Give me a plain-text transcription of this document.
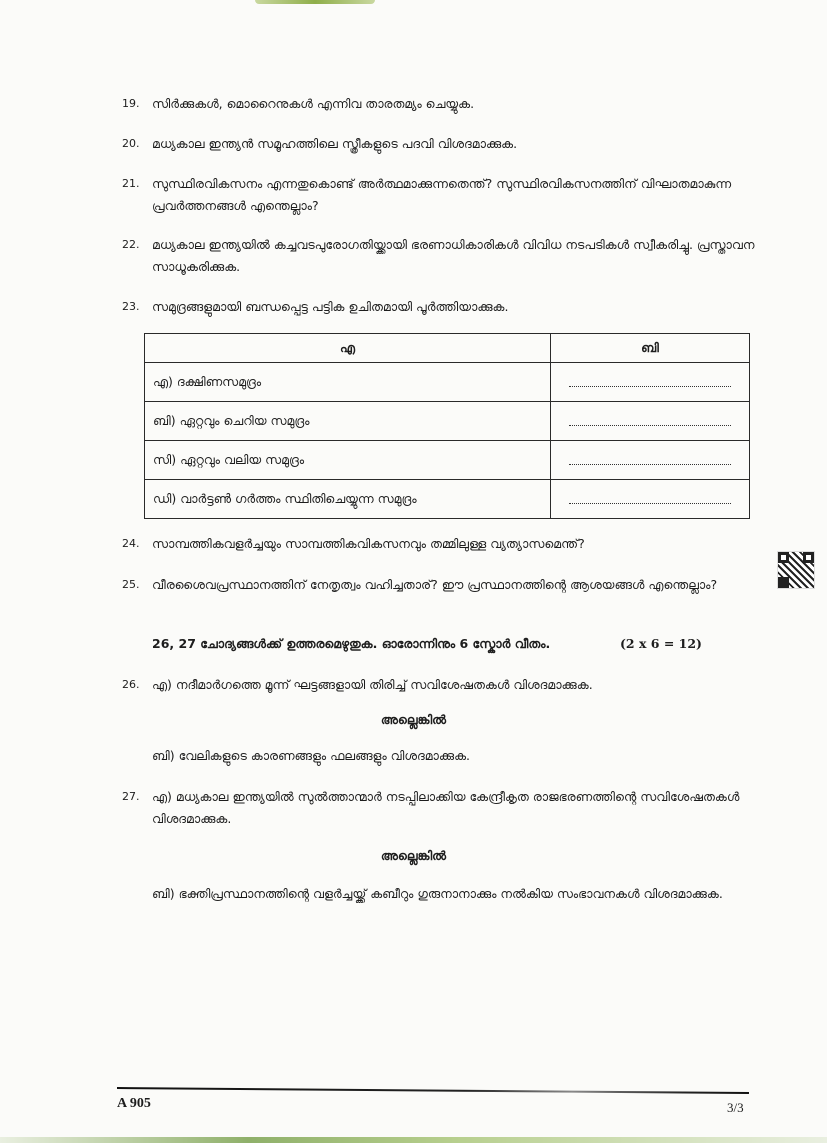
19. സിർക്കുകൾ, മൊറൈനുകൾ എന്നിവ താരതമ്യം ചെയ്യുക.
20. മധ്യകാല ഇന്ത്യൻ സമൂഹത്തിലെ സ്ത്രീകളുടെ പദവി വിശദമാക്കുക.
21. സുസ്ഥിരവികസനം എന്നതുകൊണ്ട് അർത്ഥമാക്കുന്നതെന്ത്? സുസ്ഥിരവികസനത്തിന് വിഘാതമാകുന്ന പ്രവർത്തനങ്ങൾ എന്തെല്ലാം?
22. മധ്യകാല ഇന്ത്യയിൽ കച്ചവടപുരോഗതിയ്ക്കായി ഭരണാധികാരികൾ വിവിധ നടപടികൾ സ്വീകരിച്ചു. പ്രസ്താവന സാധൂകരിക്കുക.
23. സമുദ്രങ്ങളുമായി ബന്ധപ്പെട്ട പട്ടിക ഉചിതമായി പൂർത്തിയാക്കുക.
എ	ബി
എ) ദക്ഷിണസമുദ്രം	
ബി) ഏറ്റവും ചെറിയ സമുദ്രം	
സി) ഏറ്റവും വലിയ സമുദ്രം	
ഡി) വാർട്ടൺ ഗർത്തം സ്ഥിതിചെയ്യുന്ന സമുദ്രം	
24. സാമ്പത്തികവളർച്ചയും സാമ്പത്തികവികസനവും തമ്മിലുള്ള വ്യത്യാസമെന്ത്?
25. വീരശൈവപ്രസ്ഥാനത്തിന് നേതൃത്വം വഹിച്ചതാര്? ഈ പ്രസ്ഥാനത്തിന്റെ ആശയങ്ങൾ എന്തെല്ലാം?
26, 27 ചോദ്യങ്ങൾക്ക് ഉത്തരമെഴുതുക. ഓരോന്നിനും 6 സ്കോർ വീതം.	(2 x 6 = 12)
26. എ) നദീമാർഗത്തെ മൂന്ന് ഘട്ടങ്ങളായി തിരിച്ച് സവിശേഷതകൾ വിശദമാക്കുക.
അല്ലെങ്കിൽ
ബി) വേലികളുടെ കാരണങ്ങളും ഫലങ്ങളും വിശദമാക്കുക.
27. എ) മധ്യകാല ഇന്ത്യയിൽ സുൽത്താന്മാർ നടപ്പിലാക്കിയ കേന്ദ്രീകൃത രാജഭരണത്തിന്റെ സവിശേഷതകൾ വിശദമാക്കുക.
അല്ലെങ്കിൽ
ബി) ഭക്തിപ്രസ്ഥാനത്തിന്റെ വളർച്ചയ്ക്ക് കബീറും ഗുരുനാനാക്കും നൽകിയ സംഭാവനകൾ വിശദമാക്കുക.
A 905	3/3
